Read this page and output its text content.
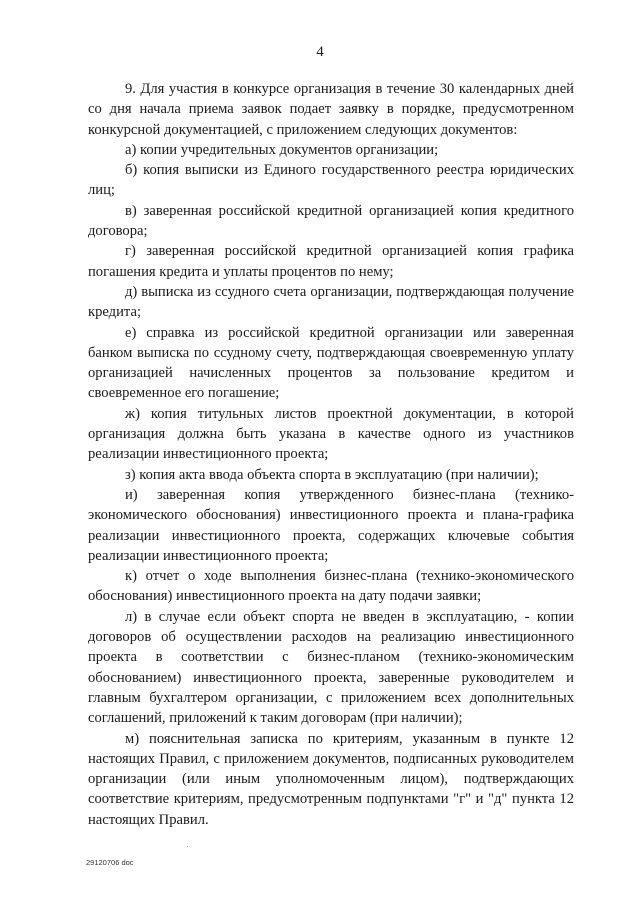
4

9. Для участия в конкурсе организация в течение 30 календарных дней со дня начала приема заявок подает заявку в порядке, предусмотренном конкурсной документацией, с приложением следующих документов:

а) копии учредительных документов организации;

б) копия выписки из Единого государственного реестра юридических лиц;

в) заверенная российской кредитной организацией копия кредитного договора;

г) заверенная российской кредитной организацией копия графика погашения кредита и уплаты процентов по нему;

д) выписка из ссудного счета организации, подтверждающая получение кредита;

е) справка из российской кредитной организации или заверенная банком выписка по ссудному счету, подтверждающая своевременную уплату организацией начисленных процентов за пользование кредитом и своевременное его погашение;

ж) копия титульных листов проектной документации, в которой организация должна быть указана в качестве одного из участников реализации инвестиционного проекта;

з) копия акта ввода объекта спорта в эксплуатацию (при наличии);

и) заверенная копия утвержденного бизнес-плана (технико-экономического обоснования) инвестиционного проекта и плана-графика реализации инвестиционного проекта, содержащих ключевые события реализации инвестиционного проекта;

к) отчет о ходе выполнения бизнес-плана (технико-экономического обоснования) инвестиционного проекта на дату подачи заявки;

л) в случае если объект спорта не введен в эксплуатацию, - копии договоров об осуществлении расходов на реализацию инвестиционного проекта в соответствии с бизнес-планом (технико-экономическим обоснованием) инвестиционного проекта, заверенные руководителем и главным бухгалтером организации, с приложением всех дополнительных соглашений, приложений к таким договорам (при наличии);

м) пояснительная записка по критериям, указанным в пункте 12 настоящих Правил, с приложением документов, подписанных руководителем организации (или иным уполномоченным лицом), подтверждающих соответствие критериям, предусмотренным подпунктами "г" и "д" пункта 12 настоящих Правил.

29120706 doc
